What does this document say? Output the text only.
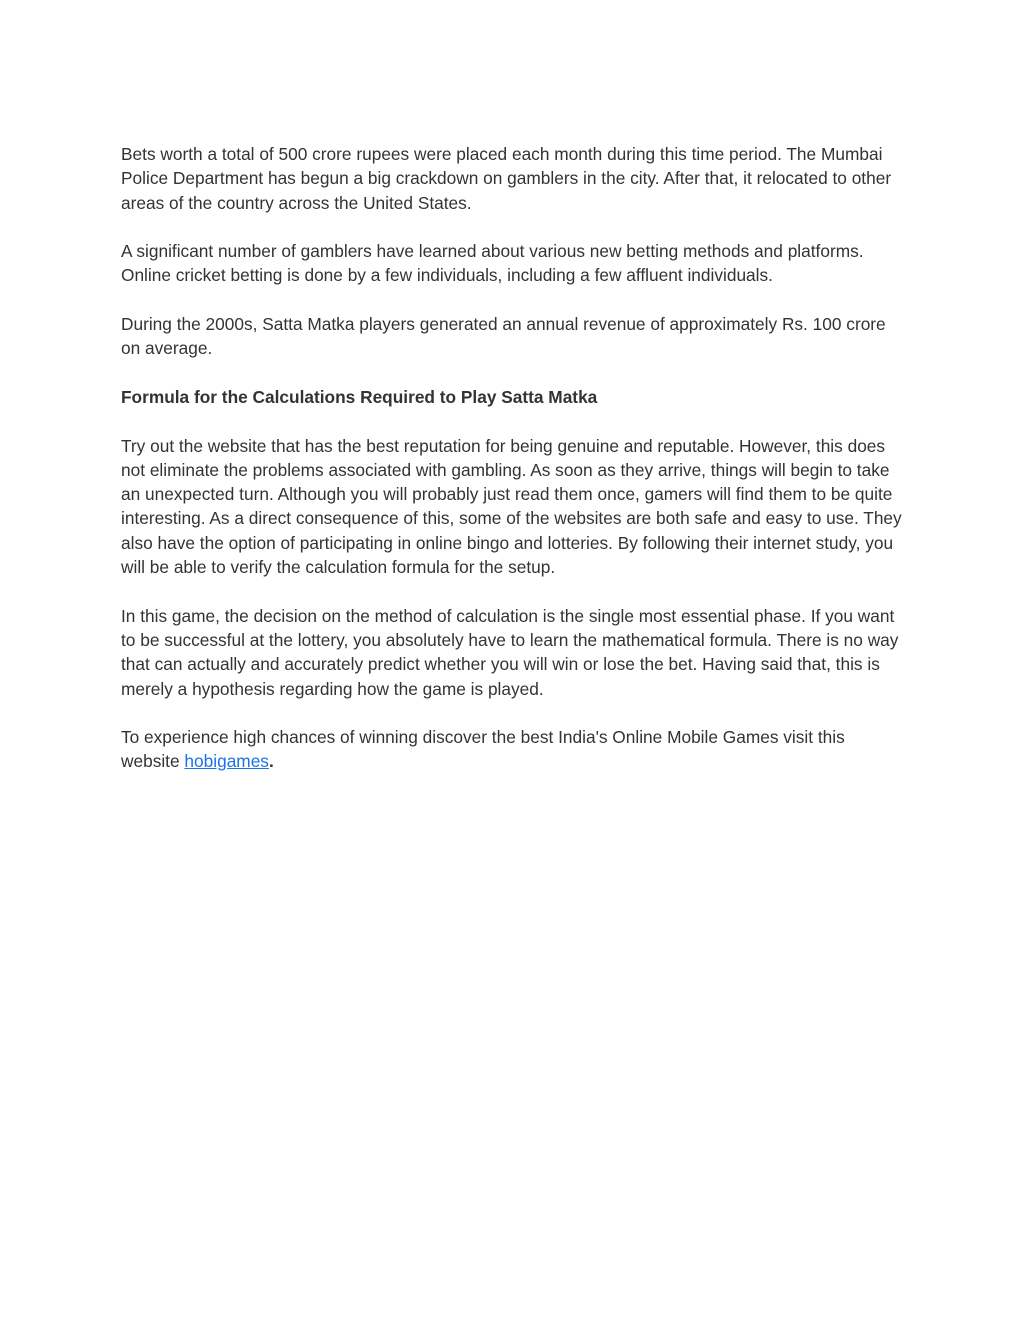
Bets worth a total of 500 crore rupees were placed each month during this time period. The Mumbai Police Department has begun a big crackdown on gamblers in the city. After that, it relocated to other areas of the country across the United States.

A significant number of gamblers have learned about various new betting methods and platforms. Online cricket betting is done by a few individuals, including a few affluent individuals.

During the 2000s, Satta Matka players generated an annual revenue of approximately Rs. 100 crore on average.

Formula for the Calculations Required to Play Satta Matka

Try out the website that has the best reputation for being genuine and reputable. However, this does not eliminate the problems associated with gambling. As soon as they arrive, things will begin to take an unexpected turn. Although you will probably just read them once, gamers will find them to be quite interesting. As a direct consequence of this, some of the websites are both safe and easy to use. They also have the option of participating in online bingo and lotteries. By following their internet study, you will be able to verify the calculation formula for the setup.

In this game, the decision on the method of calculation is the single most essential phase. If you want to be successful at the lottery, you absolutely have to learn the mathematical formula. There is no way that can actually and accurately predict whether you will win or lose the bet. Having said that, this is merely a hypothesis regarding how the game is played.

To experience high chances of winning discover the best India's Online Mobile Games visit this website hobigames.
